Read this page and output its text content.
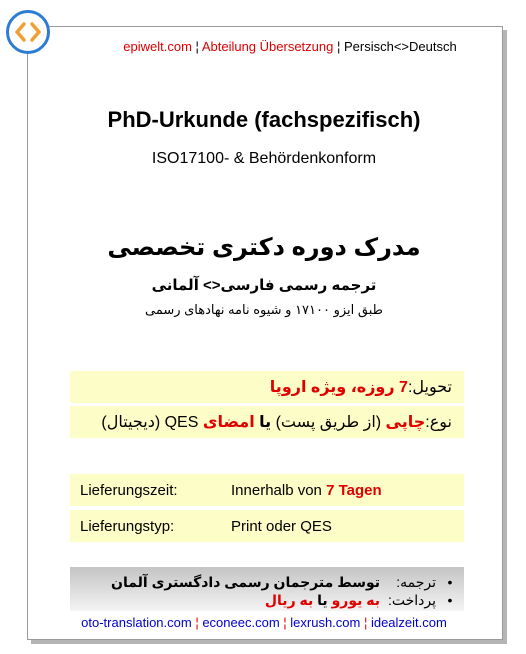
epiwelt.com ¦ Abteilung Übersetzung ¦ Persisch<>Deutsch
PhD-Urkunde (fachspezifisch)
ISO17100- & Behördenkonform
مدرک دوره دکتری تخصصی
ترجمه رسمی فارسی<> آلمانی
طبق ایزو ۱۷۱۰۰ و شیوه نامه نهادهای رسمی
تحویل:
7 روزه، ویژه اروپا
نوع:
چاپی
(از طریق پست)
یا
امضای
QES (دیجیتال)
Lieferungszeit:	Innerhalb von 7 Tagen
Lieferungstyp:	Print oder QES
•
ترجمه:
توسط مترجمان رسمی دادگستری آلمان
•
پرداخت:
به یورو
یا
به ریال
oto-translation.com ¦ econeec.com ¦ lexrush.com ¦ idealzeit.com
